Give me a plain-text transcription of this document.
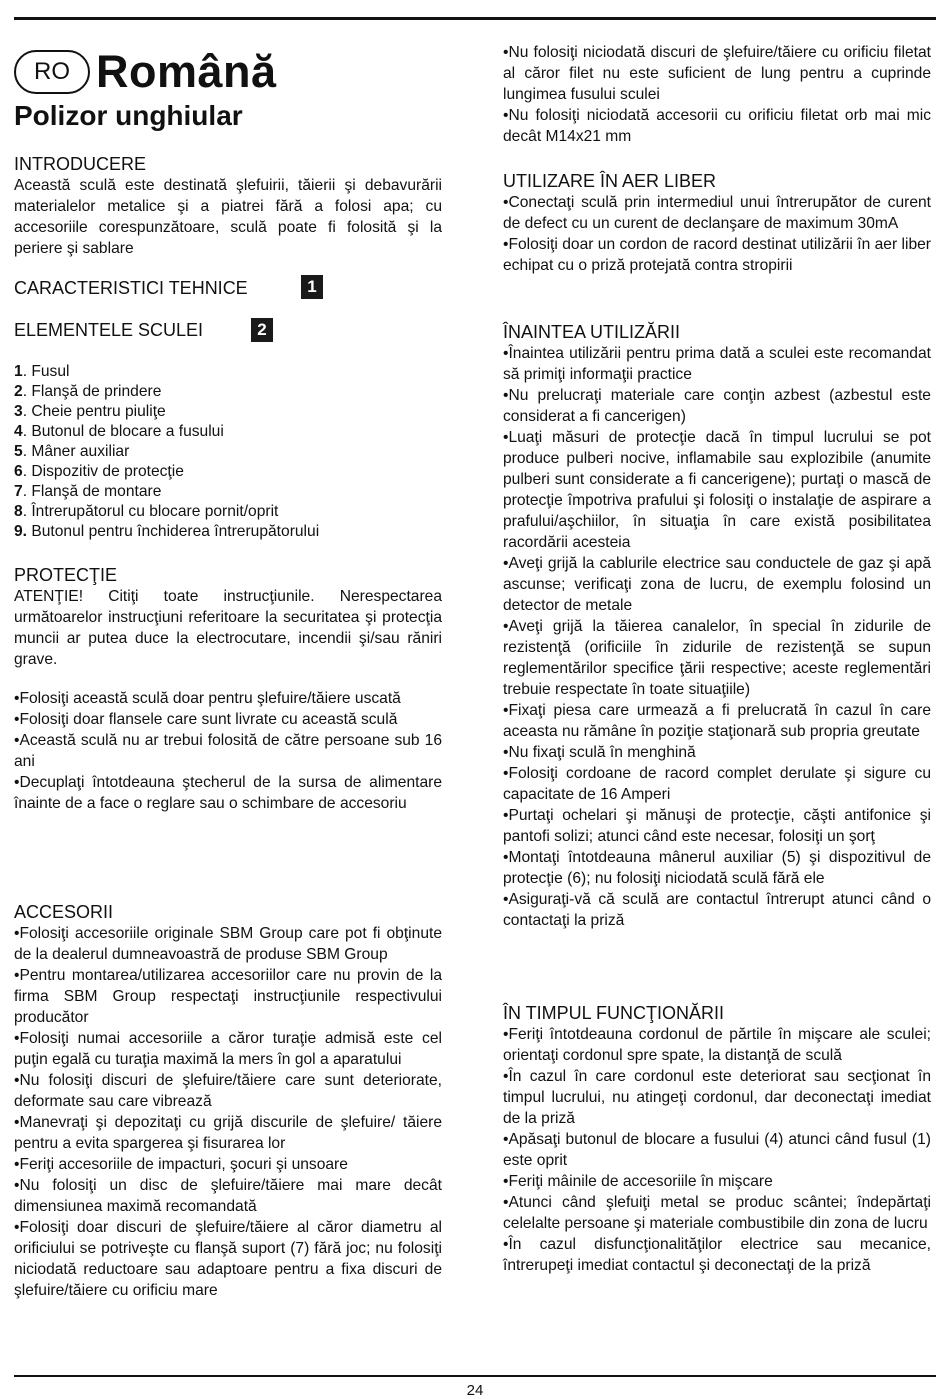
RO Română
Polizor unghiular
INTRODUCERE
Această sculă este destinată şlefuirii, tăierii şi debavurării materialelor metalice şi a piatrei fără a folosi apa; cu accesoriile corespunzătoare, sculă poate fi folosită şi la periere şi sablare
CARACTERISTICI TEHNICE	1
ELEMENTELE SCULEI	2
1. Fusul
2. Flanşă de prindere
3. Cheie pentru piuliţe
4. Butonul de blocare a fusului
5. Mâner auxiliar
6. Dispozitiv de protecţie
7. Flanşă de montare
8. Întrerupătorul cu blocare pornit/oprit
9. Butonul pentru închiderea întrerupătorului
PROTECŢIE
ATENŢIE! Citiţi toate instrucţiunile. Nerespectarea următoarelor instrucţiuni referitoare la securitatea şi protecţia muncii ar putea duce la electrocutare, incendii şi/sau răniri grave.
•Folosiţi această sculă doar pentru şlefuire/tăiere uscată
•Folosiţi doar flansele care sunt livrate cu această sculă
•Această sculă nu ar trebui folosită de către persoane sub 16 ani
•Decuplaţi întotdeauna ştecherul de la sursa de alimentare înainte de a face o reglare sau o schimbare de accesoriu
ACCESORII
•Folosiţi accesoriile originale SBM Group care pot fi obţinute de la dealerul dumneavoastră de produse SBM Group
•Pentru montarea/utilizarea accesoriilor care nu provin de la firma SBM Group respectaţi instrucţiunile respectivului producător
•Folosiţi numai accesoriile a căror turaţie admisă este cel puţin egală cu turaţia maximă la mers în gol a aparatului
•Nu folosiţi discuri de şlefuire/tăiere care sunt deteriorate, deformate sau care vibrează
•Manevraţi şi depozitaţi cu grijă discurile de şlefuire/ tăiere pentru a evita spargerea şi fisurarea lor
•Feriţi accesoriile de impacturi, şocuri şi unsoare
•Nu folosiţi un disc de şlefuire/tăiere mai mare decât dimensiunea maximă recomandată
•Folosiţi doar discuri de şlefuire/tăiere al căror diametru al orificiului se potriveşte cu flanşă suport (7) fără joc; nu folosiţi niciodată reductoare sau adaptoare pentru a fixa discuri de şlefuire/tăiere cu orificiu mare
•Nu folosiţi niciodată discuri de şlefuire/tăiere cu orificiu filetat al căror filet nu este suficient de lung pentru a cuprinde lungimea fusului sculei
•Nu folosiţi niciodată accesorii cu orificiu filetat orb mai mic decât M14x21 mm
UTILIZARE ÎN AER LIBER
•Conectaţi sculă prin intermediul unui întrerupător de curent de defect cu un curent de declanşare de maximum 30mA
•Folosiţi doar un cordon de racord destinat utilizării în aer liber echipat cu o priză protejată contra stropirii
ÎNAINTEA UTILIZĂRII
•Înaintea utilizării pentru prima dată a sculei este recomandat să primiţi informaţii practice
•Nu prelucraţi materiale care conţin azbest (azbestul este considerat a fi cancerigen)
•Luaţi măsuri de protecţie dacă în timpul lucrului se pot produce pulberi nocive, inflamabile sau explozibile (anumite pulberi sunt considerate a fi cancerigene); purtaţi o mască de protecţie împotriva prafului şi folosiţi o instalaţie de aspirare a prafului/aşchiilor, în situaţia în care există posibilitatea racordării acesteia
•Aveţi grijă la cablurile electrice sau conductele de gaz şi apă ascunse; verificaţi zona de lucru, de exemplu folosind un detector de metale
•Aveţi grijă la tăierea canalelor, în special în zidurile de rezistenţă (orificiile în zidurile de rezistenţă se supun reglementărilor specifice ţării respective; aceste reglementări trebuie respectate în toate situaţiile)
•Fixaţi piesa care urmează a fi prelucrată în cazul în care aceasta nu rămâne în poziţie staţionară sub propria greutate
•Nu fixaţi sculă în menghină
•Folosiţi cordoane de racord complet derulate şi sigure cu capacitate de 16 Amperi
•Purtaţi ochelari şi mănuşi de protecţie, căşti antifonice şi pantofi solizi; atunci când este necesar, folosiţi un şorţ
•Montaţi întotdeauna mânerul auxiliar (5) şi dispozitivul de protecţie (6); nu folosiţi niciodată sculă fără ele
•Asiguraţi-vă că sculă are contactul întrerupt atunci când o contactaţi la priză
ÎN TIMPUL FUNCŢIONĂRII
•Feriţi întotdeauna cordonul de părtile în mişcare ale sculei; orientaţi cordonul spre spate, la distanţă de sculă
•În cazul în care cordonul este deteriorat sau secţionat în timpul lucrului, nu atingeţi cordonul, dar deconectaţi imediat de la priză
•Apăsaţi butonul de blocare a fusului (4) atunci când fusul (1) este oprit
•Feriţi mâinile de accesoriile în mişcare
•Atunci când şlefuiţi metal se produc scântei; îndepărtaţi celelalte persoane şi materiale combustibile din zona de lucru
•În cazul disfuncţionalităţilor electrice sau mecanice, întrerupeţi imediat contactul şi deconectaţi de la priză
24
